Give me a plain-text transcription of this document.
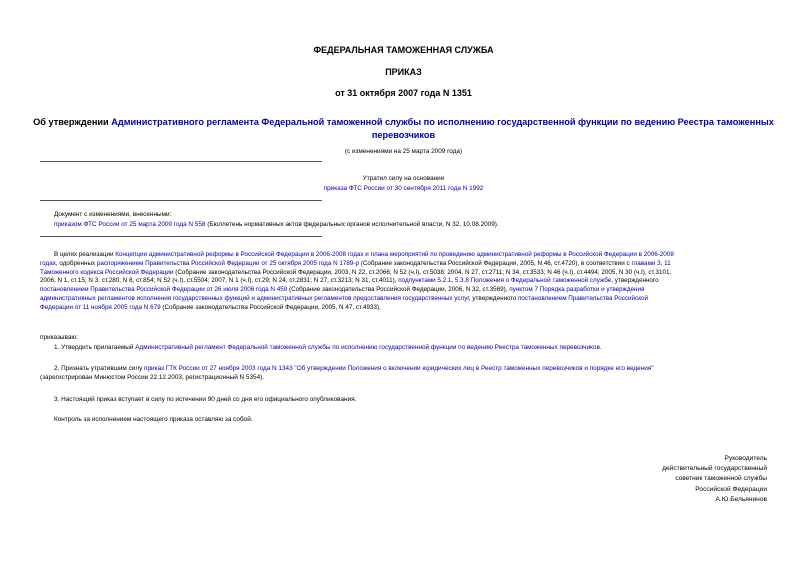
ФЕДЕРАЛЬНАЯ ТАМОЖЕННАЯ СЛУЖБА
ПРИКАЗ
от 31 октября 2007 года N 1351
Об утверждении Административного регламента Федеральной таможенной службы по исполнению государственной функции по ведению Реестра таможенных
перевозчиков
(с изменениями на 25 марта 2009 года)
Утратил силу на основании
приказа ФТС России от 30 сентября 2011 года N 1992
Документ с изменениями, внесенными:
приказом ФТС России от 25 марта 2009 года N 558 (Бюллетень нормативных актов федеральных органов исполнительной власти, N 32, 10.08.2009).
В целях реализации Концепции административной реформы в Российской Федерации в 2006-2008 годах и плана мероприятий по проведению административной реформы в Российской Федерации в 2006-2008
годах, одобренных распоряжением Правительства Российской Федерации от 25 октября 2005 года N 1789-р (Собрание законодательства Российской Федерации, 2005, N 46, ст.4720), в соответствии с главами 3, 11
Таможенного кодекса Российской Федерации (Собрание законодательства Российской Федерации, 2003, N 22, ст.2066; N 52 (ч.I), ст.5038; 2004, N 27, ст.2711; N 34, ст.3533; N 46 (ч.I), ст.4494; 2005, N 30 (ч.I), ст.3101;
2006, N 1, ст.15; N 3, ст.280; N 8, ст.854; N 52 (ч.I), ст.5504; 2007, N 1 (ч.I), ст.29; N 24, ст.2831; N 27, ст.3213; N 31, ст.4011), подпунктами 5.2.1, 5.3.8 Положения о Федеральной таможенной службе, утвержденного
постановлением Правительства Российской Федерации от 26 июля 2006 года N 459 (Собрание законодательства Российской Федерации, 2006, N 32, ст.3569), пунктом 7 Порядка разработки и утверждения
административных регламентов исполнения государственных функций и административных регламентов предоставления государственных услуг, утвержденного постановлением Правительства Российской
Федерации от 11 ноября 2005 года N 679 (Собрание законодательства Российской Федерации, 2005, N 47, ст.4933),
приказываю:
1. Утвердить прилагаемый Административный регламент Федеральной таможенной службы по исполнению государственной функции по ведению Реестра таможенных перевозчиков.
2. Признать утратившим силу приказ ГТК России от 27 ноября 2003 года N 1343 "Об утверждении Положения о включении юридических лиц в Реестр таможенных перевозчиков и порядке его ведения"
(зарегистрирован Минюстом России 22.12.2003, регистрационный N 5354).
3. Настоящий приказ вступает в силу по истечении 90 дней со дня его официального опубликования.
Контроль за исполнением настоящего приказа оставляю за собой.
Руководитель
действительный государственный
советник таможенной службы
Российской Федерации
А.Ю.Бельянинов
